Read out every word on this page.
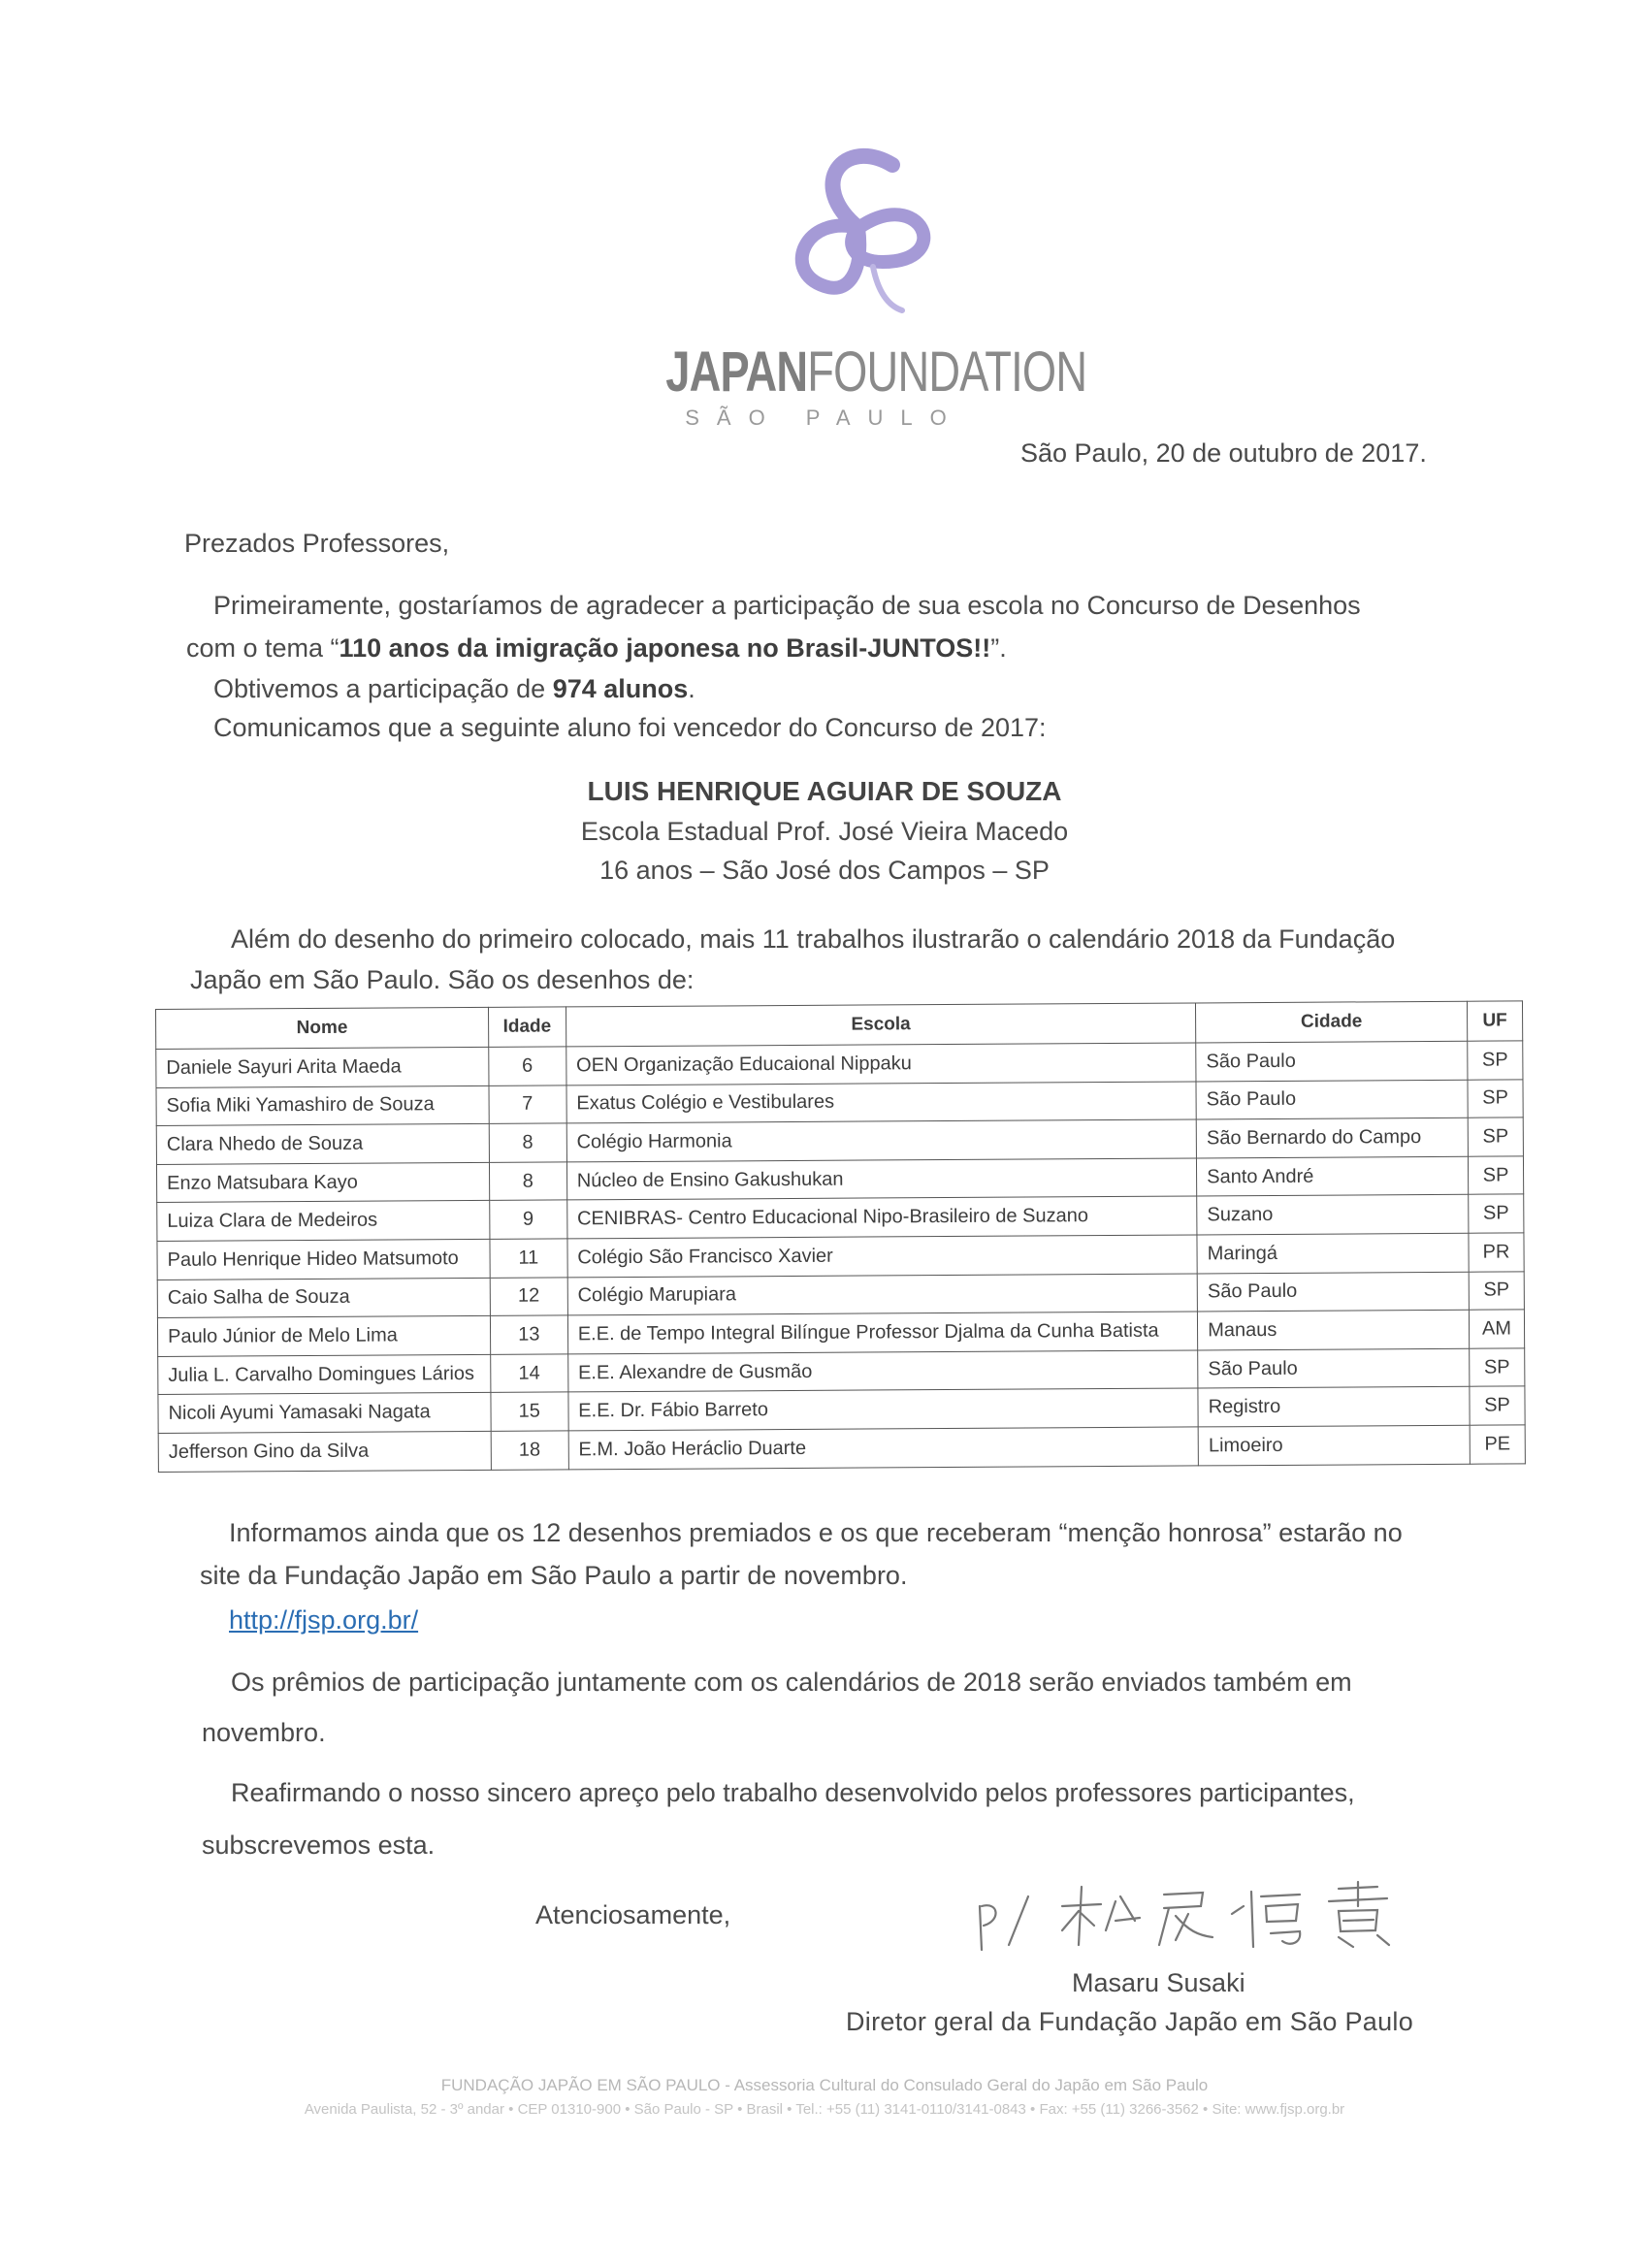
JAPANFOUNDATION
SÃO PAULO
São Paulo, 20 de outubro de 2017.
Prezados Professores,
Primeiramente, gostaríamos de agradecer a participação de sua escola no Concurso de Desenhos
com o tema “110 anos da imigração japonesa no Brasil-JUNTOS!!”.
Obtivemos a participação de 974 alunos.
Comunicamos que a seguinte aluno foi vencedor do Concurso de 2017:
LUIS HENRIQUE AGUIAR DE SOUZA
Escola Estadual Prof. José Vieira Macedo
16 anos – São José dos Campos – SP
Além do desenho do primeiro colocado, mais 11 trabalhos ilustrarão o calendário 2018 da Fundação
Japão em São Paulo. São os desenhos de:
Nome	Idade	Escola	Cidade	UF
Daniele Sayuri Arita Maeda	6	OEN Organização Educaional Nippaku	São Paulo	SP
Sofia Miki Yamashiro de Souza	7	Exatus Colégio e Vestibulares	São Paulo	SP
Clara Nhedo de Souza	8	Colégio Harmonia	São Bernardo do Campo	SP
Enzo Matsubara Kayo	8	Núcleo de Ensino Gakushukan	Santo André	SP
Luiza Clara de Medeiros	9	CENIBRAS- Centro Educacional Nipo-Brasileiro de Suzano	Suzano	SP
Paulo Henrique Hideo Matsumoto	11	Colégio São Francisco Xavier	Maringá	PR
Caio Salha de Souza	12	Colégio Marupiara	São Paulo	SP
Paulo Júnior de Melo Lima	13	E.E. de Tempo Integral Bilíngue Professor Djalma da Cunha Batista	Manaus	AM
Julia L. Carvalho Domingues Lários	14	E.E. Alexandre de Gusmão	São Paulo	SP
Nicoli Ayumi Yamasaki Nagata	15	E.E. Dr. Fábio Barreto	Registro	SP
Jefferson Gino da Silva	18	E.M. João Heráclio Duarte	Limoeiro	PE
Informamos ainda que os 12 desenhos premiados e os que receberam “menção honrosa” estarão no
site da Fundação Japão em São Paulo a partir de novembro.
http://fjsp.org.br/
Os prêmios de participação juntamente com os calendários de 2018 serão enviados também em
novembro.
Reafirmando o nosso sincero apreço pelo trabalho desenvolvido pelos professores participantes,
subscrevemos esta.
Atenciosamente,
Masaru Susaki
Diretor geral da Fundação Japão em São Paulo
FUNDAÇÃO JAPÃO EM SÃO PAULO - Assessoria Cultural do Consulado Geral do Japão em São Paulo
Avenida Paulista, 52 - 3º andar • CEP 01310-900 • São Paulo - SP • Brasil • Tel.: +55 (11) 3141-0110/3141-0843 • Fax: +55 (11) 3266-3562 • Site: www.fjsp.org.br
